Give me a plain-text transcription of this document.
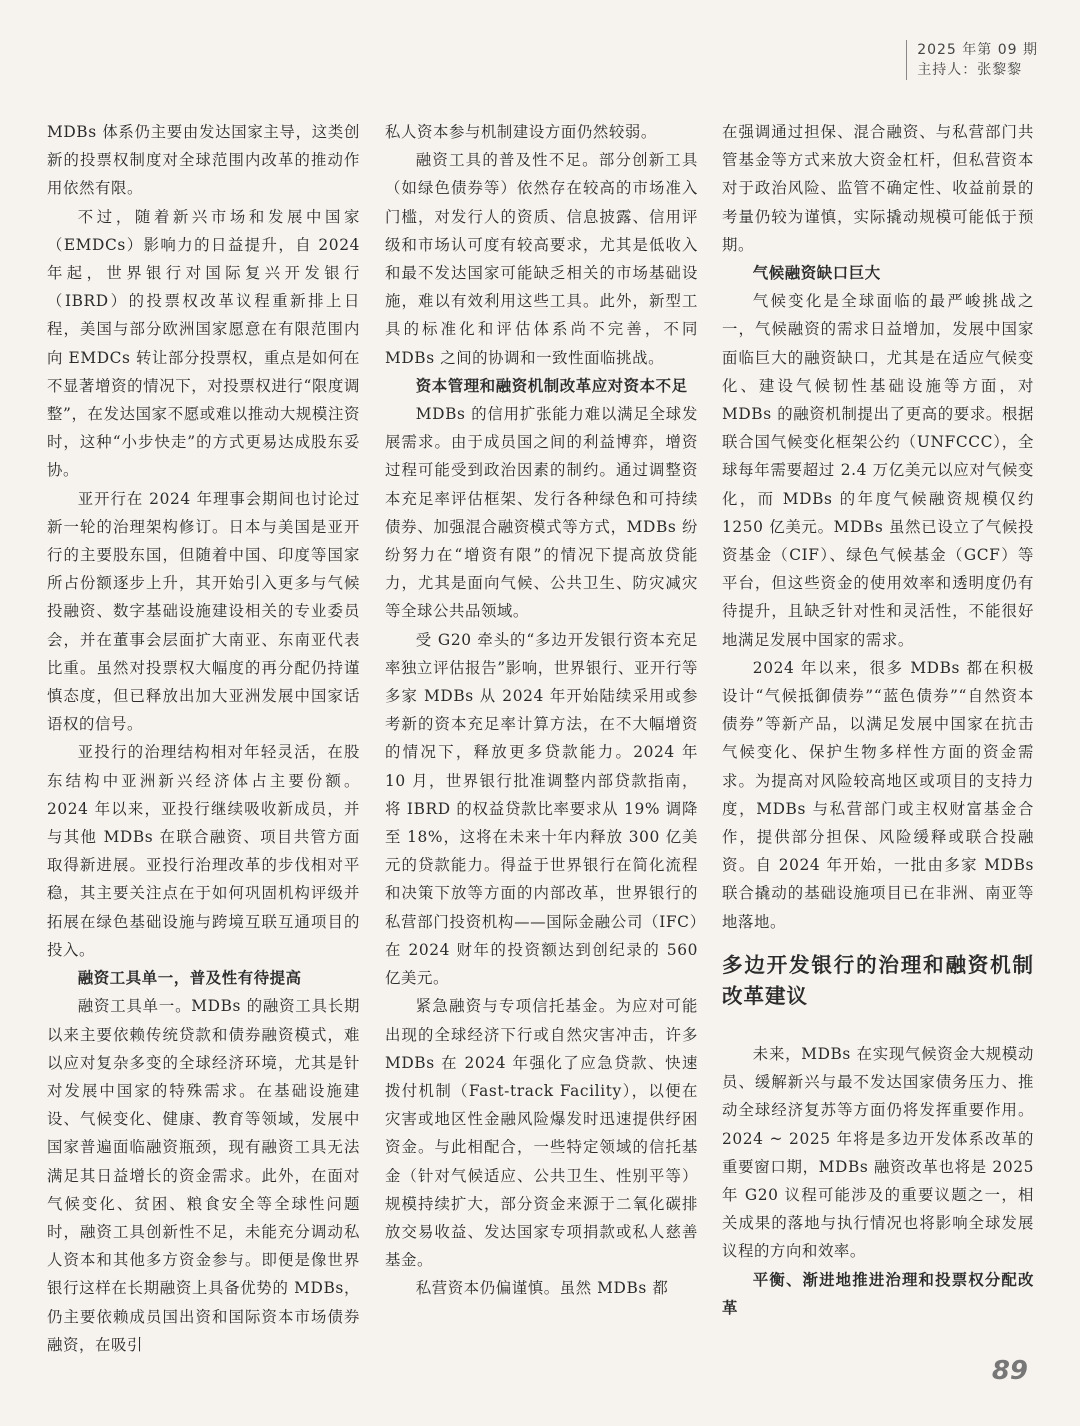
2025 年第 09 期
主持人：张黎黎

MDBs 体系仍主要由发达国家主导，这类创新的投票权制度对全球范围内改革的推动作用依然有限。

不过，随着新兴市场和发展中国家（EMDCs）影响力的日益提升，自 2024 年起，世界银行对国际复兴开发银行（IBRD）的投票权改革议程重新排上日程，美国与部分欧洲国家愿意在有限范围内向 EMDCs 转让部分投票权，重点是如何在不显著增资的情况下，对投票权进行“限度调整”，在发达国家不愿或难以推动大规模注资时，这种“小步快走”的方式更易达成股东妥协。

亚开行在 2024 年理事会期间也讨论过新一轮的治理架构修订。日本与美国是亚开行的主要股东国，但随着中国、印度等国家所占份额逐步上升，其开始引入更多与气候投融资、数字基础设施建设相关的专业委员会，并在董事会层面扩大南亚、东南亚代表比重。虽然对投票权大幅度的再分配仍持谨慎态度，但已释放出加大亚洲发展中国家话语权的信号。

亚投行的治理结构相对年轻灵活，在股东结构中亚洲新兴经济体占主要份额。2024 年以来，亚投行继续吸收新成员，并与其他 MDBs 在联合融资、项目共管方面取得新进展。亚投行治理改革的步伐相对平稳，其主要关注点在于如何巩固机构评级并拓展在绿色基础设施与跨境互联互通项目的投入。

融资工具单一，普及性有待提高

融资工具单一。MDBs 的融资工具长期以来主要依赖传统贷款和债券融资模式，难以应对复杂多变的全球经济环境，尤其是针对发展中国家的特殊需求。在基础设施建设、气候变化、健康、教育等领域，发展中国家普遍面临融资瓶颈，现有融资工具无法满足其日益增长的资金需求。此外，在面对气候变化、贫困、粮食安全等全球性问题时，融资工具创新性不足，未能充分调动私人资本和其他多方资金参与。即便是像世界银行这样在长期融资上具备优势的 MDBs，仍主要依赖成员国出资和国际资本市场债券融资，在吸引

私人资本参与机制建设方面仍然较弱。

融资工具的普及性不足。部分创新工具（如绿色债券等）依然存在较高的市场准入门槛，对发行人的资质、信息披露、信用评级和市场认可度有较高要求，尤其是低收入和最不发达国家可能缺乏相关的市场基础设施，难以有效利用这些工具。此外，新型工具的标准化和评估体系尚不完善，不同 MDBs 之间的协调和一致性面临挑战。

资本管理和融资机制改革应对资本不足

MDBs 的信用扩张能力难以满足全球发展需求。由于成员国之间的利益博弈，增资过程可能受到政治因素的制约。通过调整资本充足率评估框架、发行各种绿色和可持续债券、加强混合融资模式等方式，MDBs 纷纷努力在“增资有限”的情况下提高放贷能力，尤其是面向气候、公共卫生、防灾减灾等全球公共品领域。

受 G20 牵头的“多边开发银行资本充足率独立评估报告”影响，世界银行、亚开行等多家 MDBs 从 2024 年开始陆续采用或参考新的资本充足率计算方法，在不大幅增资的情况下，释放更多贷款能力。2024 年 10 月，世界银行批准调整内部贷款指南，将 IBRD 的权益贷款比率要求从 19% 调降至 18%，这将在未来十年内释放 300 亿美元的贷款能力。得益于世界银行在简化流程和决策下放等方面的内部改革，世界银行的私营部门投资机构——国际金融公司（IFC）在 2024 财年的投资额达到创纪录的 560 亿美元。

紧急融资与专项信托基金。为应对可能出现的全球经济下行或自然灾害冲击，许多 MDBs 在 2024 年强化了应急贷款、快速拨付机制（Fast-track Facility），以便在灾害或地区性金融风险爆发时迅速提供纾困资金。与此相配合，一些特定领域的信托基金（针对气候适应、公共卫生、性别平等）规模持续扩大，部分资金来源于二氧化碳排放交易收益、发达国家专项捐款或私人慈善基金。

私营资本仍偏谨慎。虽然 MDBs 都

在强调通过担保、混合融资、与私营部门共管基金等方式来放大资金杠杆，但私营资本对于政治风险、监管不确定性、收益前景的考量仍较为谨慎，实际撬动规模可能低于预期。

气候融资缺口巨大

气候变化是全球面临的最严峻挑战之一，气候融资的需求日益增加，发展中国家面临巨大的融资缺口，尤其是在适应气候变化、建设气候韧性基础设施等方面，对 MDBs 的融资机制提出了更高的要求。根据联合国气候变化框架公约（UNFCCC），全球每年需要超过 2.4 万亿美元以应对气候变化，而 MDBs 的年度气候融资规模仅约 1250 亿美元。MDBs 虽然已设立了气候投资基金（CIF）、绿色气候基金（GCF）等平台，但这些资金的使用效率和透明度仍有待提升，且缺乏针对性和灵活性，不能很好地满足发展中国家的需求。

2024 年以来，很多 MDBs 都在积极设计“气候抵御债券”“蓝色债券”“自然资本债券”等新产品，以满足发展中国家在抗击气候变化、保护生物多样性方面的资金需求。为提高对风险较高地区或项目的支持力度，MDBs 与私营部门或主权财富基金合作，提供部分担保、风险缓释或联合投融资。自 2024 年开始，一批由多家 MDBs 联合撬动的基础设施项目已在非洲、南亚等地落地。

多边开发银行的治理和融资机制改革建议

未来，MDBs 在实现气候资金大规模动员、缓解新兴与最不发达国家债务压力、推动全球经济复苏等方面仍将发挥重要作用。2024 ~ 2025 年将是多边开发体系改革的重要窗口期，MDBs 融资改革也将是 2025 年 G20 议程可能涉及的重要议题之一，相关成果的落地与执行情况也将影响全球发展议程的方向和效率。

平衡、渐进地推进治理和投票权分配改革
89
